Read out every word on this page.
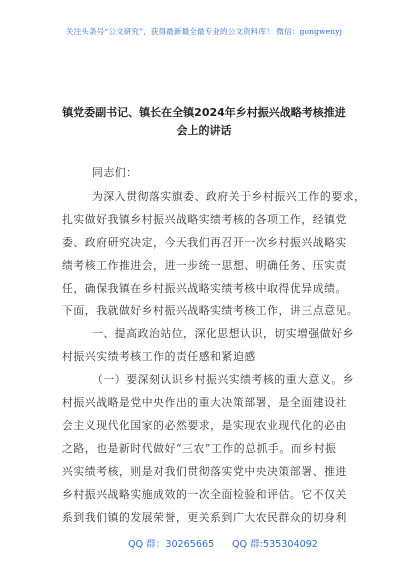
关注头条号“公文研究”，获得最新最全最专业的公文资料库！ 微信：gongwenyj
镇党委副书记、镇长在全镇2024年乡村振兴战略考核推进
会上的讲话
同志们：
为深入贯彻落实旗委、政府关于乡村振兴工作的要求，
扎实做好我镇乡村振兴战略实绩考核的各项工作，经镇党
委、政府研究决定，今天我们再召开一次乡村振兴战略实
绩考核工作推进会，进一步统一思想、明确任务、压实责
任，确保我镇在乡村振兴战略实绩考核中取得优异成绩。
下面，我就做好乡村振兴战略实绩考核工作，讲三点意见。
一、提高政治站位，深化思想认识，切实增强做好乡
村振兴实绩考核工作的责任感和紧迫感
（一）要深刻认识乡村振兴实绩考核的重大意义。乡
村振兴战略是党中央作出的重大决策部署，是全面建设社
会主义现代化国家的必然要求，是实现农业现代化的必由
之路，也是新时代做好“三农”工作的总抓手。而乡村振
兴实绩考核，则是对我们贯彻落实党中央决策部署、推进
乡村振兴战略实施成效的一次全面检验和评估。它不仅关
系到我们镇的发展荣誉，更关系到广大农民群众的切身利
QQ 群：30265665 QQ 群:535304092
